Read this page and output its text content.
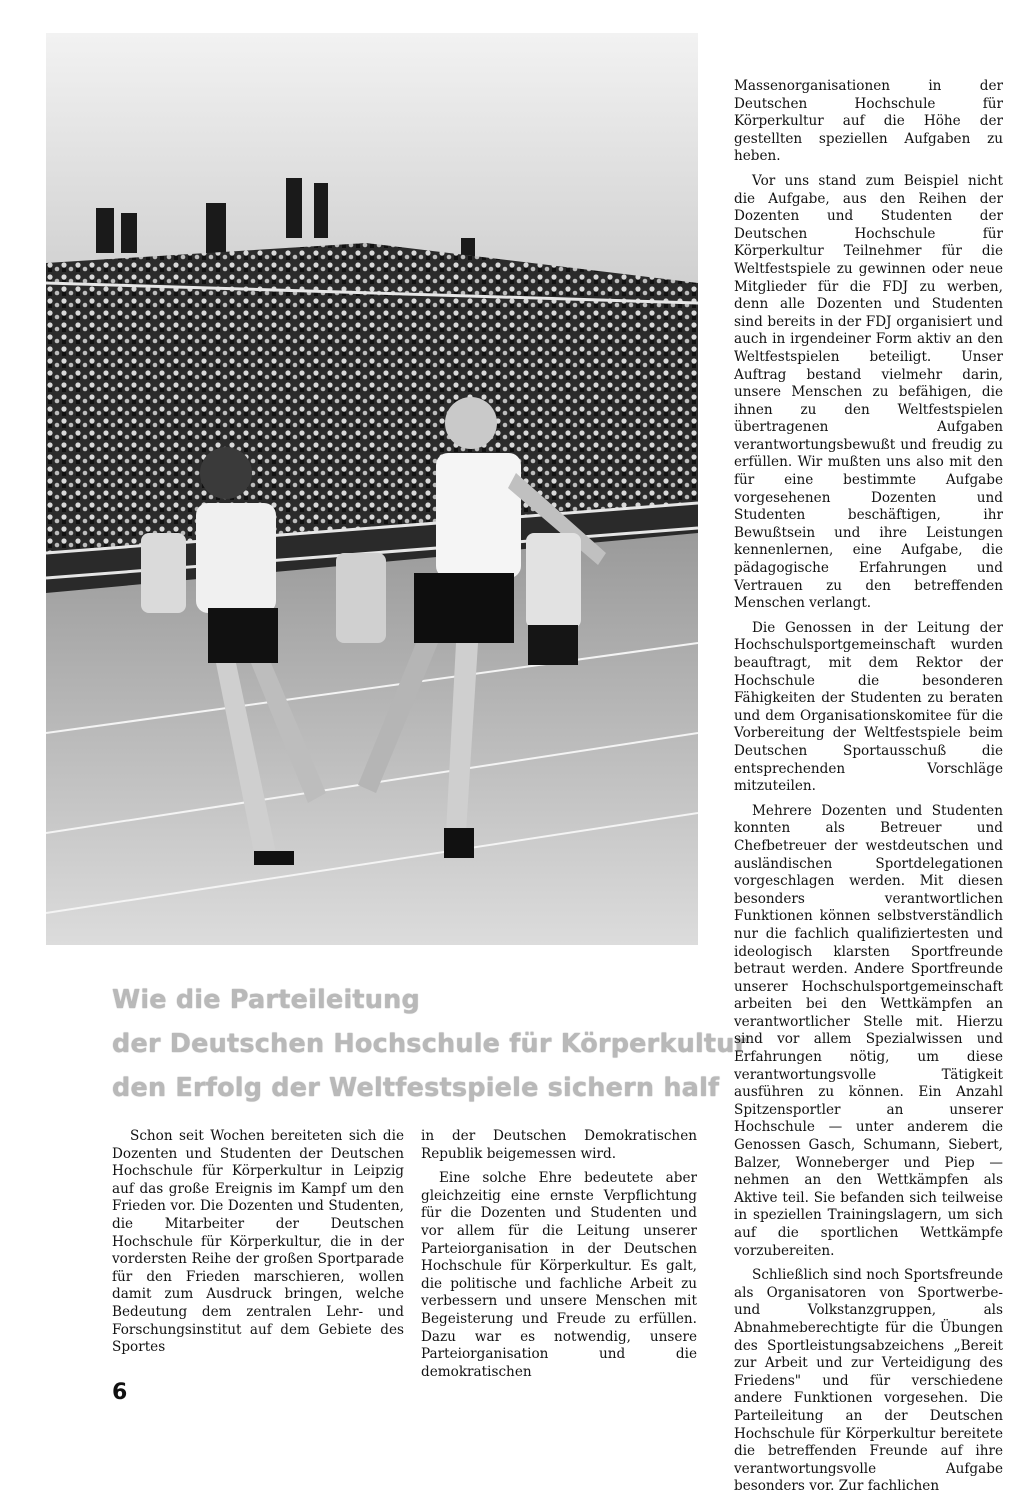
Wie die Parteileitung
der Deutschen Hochschule für Körperkultur
den Erfolg der Weltfestspiele sichern half

Schon seit Wochen bereiteten sich die Dozenten und Studenten der Deutschen Hochschule für Körperkultur in Leipzig auf das große Ereignis im Kampf um den Frieden vor. Die Dozenten und Studenten, die Mitarbeiter der Deutschen Hochschule für Körperkultur, die in der vordersten Reihe der großen Sportparade für den Frieden marschieren, wollen damit zum Ausdruck bringen, welche Bedeutung dem zentralen Lehr- und Forschungsinstitut auf dem Gebiete des Sportes

in der Deutschen Demokratischen Republik beigemessen wird.

Eine solche Ehre bedeutete aber gleichzeitig eine ernste Verpflichtung für die Dozenten und Studenten und vor allem für die Leitung unserer Parteiorganisation in der Deutschen Hochschule für Körperkultur. Es galt, die politische und fachliche Arbeit zu verbessern und unsere Menschen mit Begeisterung und Freude zu erfüllen. Dazu war es notwendig, unsere Parteiorganisation und die demokratischen

Massenorganisationen in der Deutschen Hochschule für Körperkultur auf die Höhe der gestellten speziellen Aufgaben zu heben.

Vor uns stand zum Beispiel nicht die Aufgabe, aus den Reihen der Dozenten und Studenten der Deutschen Hochschule für Körperkultur Teilnehmer für die Weltfestspiele zu gewinnen oder neue Mitglieder für die FDJ zu werben, denn alle Dozenten und Studenten sind bereits in der FDJ organisiert und auch in irgendeiner Form aktiv an den Weltfestspielen beteiligt. Unser Auftrag bestand vielmehr darin, unsere Menschen zu befähigen, die ihnen zu den Weltfestspielen übertragenen Aufgaben verantwortungsbewußt und freudig zu erfüllen. Wir mußten uns also mit den für eine bestimmte Aufgabe vorgesehenen Dozenten und Studenten beschäftigen, ihr Bewußtsein und ihre Leistungen kennenlernen, eine Aufgabe, die pädagogische Erfahrungen und Vertrauen zu den betreffenden Menschen verlangt.

Die Genossen in der Leitung der Hochschulsportgemeinschaft wurden beauftragt, mit dem Rektor der Hochschule die besonderen Fähigkeiten der Studenten zu beraten und dem Organisationskomitee für die Vorbereitung der Weltfestspiele beim Deutschen Sportausschuß die entsprechenden Vorschläge mitzuteilen.

Mehrere Dozenten und Studenten konnten als Betreuer und Chefbetreuer der westdeutschen und ausländischen Sportdelegationen vorgeschlagen werden. Mit diesen besonders verantwortlichen Funktionen können selbstverständlich nur die fachlich qualifiziertesten und ideologisch klarsten Sportfreunde betraut werden. Andere Sportfreunde unserer Hochschulsportgemeinschaft arbeiten bei den Wettkämpfen an verantwortlicher Stelle mit. Hierzu sind vor allem Spezialwissen und Erfahrungen nötig, um diese verantwortungsvolle Tätigkeit ausführen zu können. Ein Anzahl Spitzensportler an unserer Hochschule — unter anderem die Genossen Gasch, Schumann, Siebert, Balzer, Wonneberger und Piep — nehmen an den Wettkämpfen als Aktive teil. Sie befanden sich teilweise in speziellen Trainingslagern, um sich auf die sportlichen Wettkämpfe vorzubereiten.

Schließlich sind noch Sportsfreunde als Organisatoren von Sportwerbe- und Volkstanzgruppen, als Abnahmeberechtigte für die Übungen des Sportleistungsabzeichens „Bereit zur Arbeit und zur Verteidigung des Friedens" und für verschiedene andere Funktionen vorgesehen. Die Parteileitung an der Deutschen Hochschule für Körperkultur bereitete die betreffenden Freunde auf ihre verantwortungsvolle Aufgabe besonders vor. Zur fachlichen

6
